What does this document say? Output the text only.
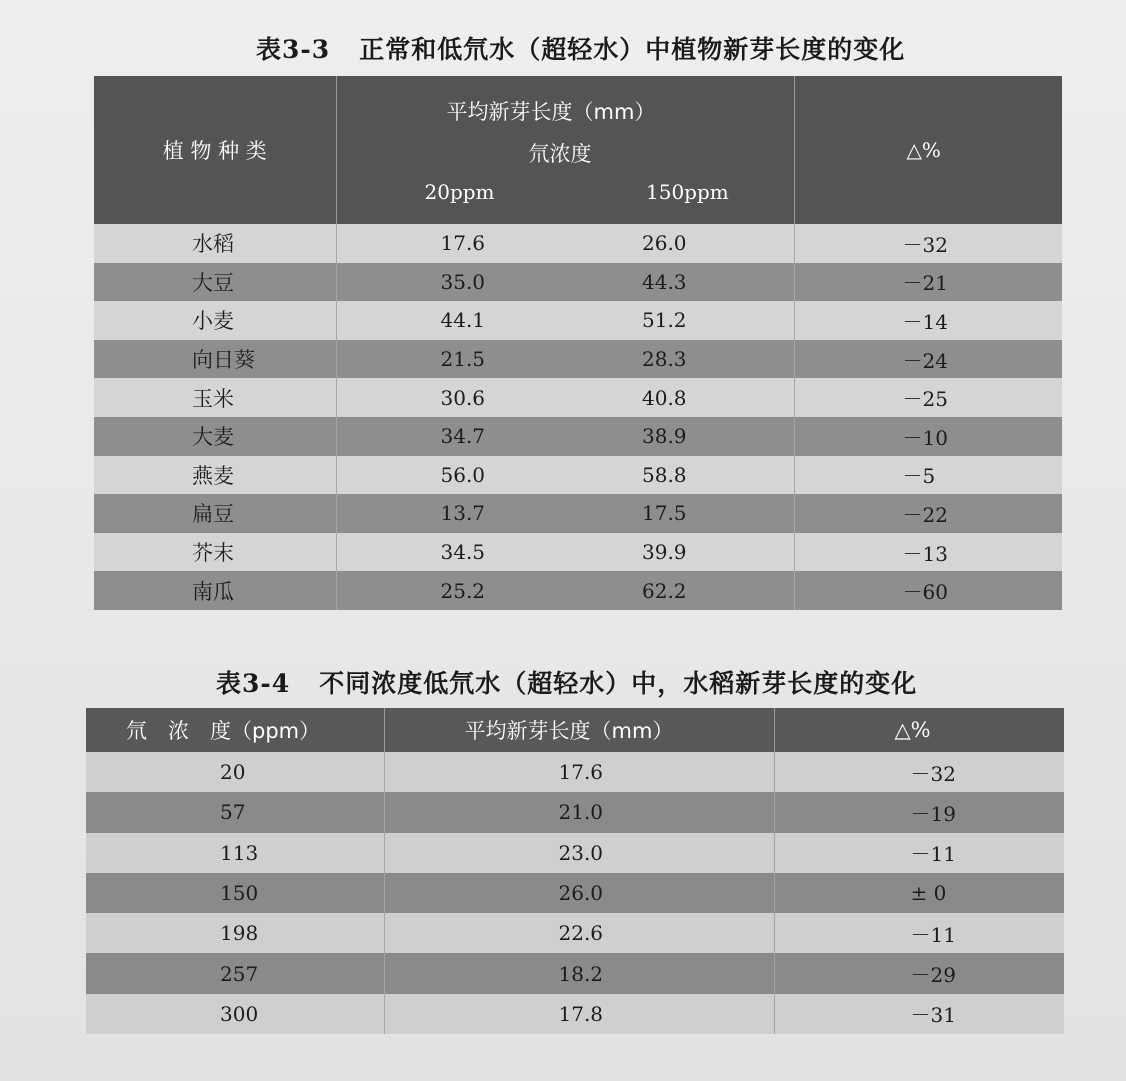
表3-3 正常和低氘水（超轻水）中植物新芽长度的变化
植 物 种 类	平均新芽长度（mm）		△%
	氘浓度		
	20ppm	150ppm	
水稻	17.6	26.0	－32
大豆	35.0	44.3	－21
小麦	44.1	51.2	－14
向日葵	21.5	28.3	－24
玉米	30.6	40.8	－25
大麦	34.7	38.9	－10
燕麦	56.0	58.8	－5
扁豆	13.7	17.5	－22
芥末	34.5	39.9	－13
南瓜	25.2	62.2	－60
表3-4 不同浓度低氘水（超轻水）中，水稻新芽长度的变化
氘　浓　度（ppm）	平均新芽长度（mm）	△%
20	17.6	－32
57	21.0	－19
113	23.0	－11
150	26.0	± 0
198	22.6	－11
257	18.2	－29
300	17.8	－31
